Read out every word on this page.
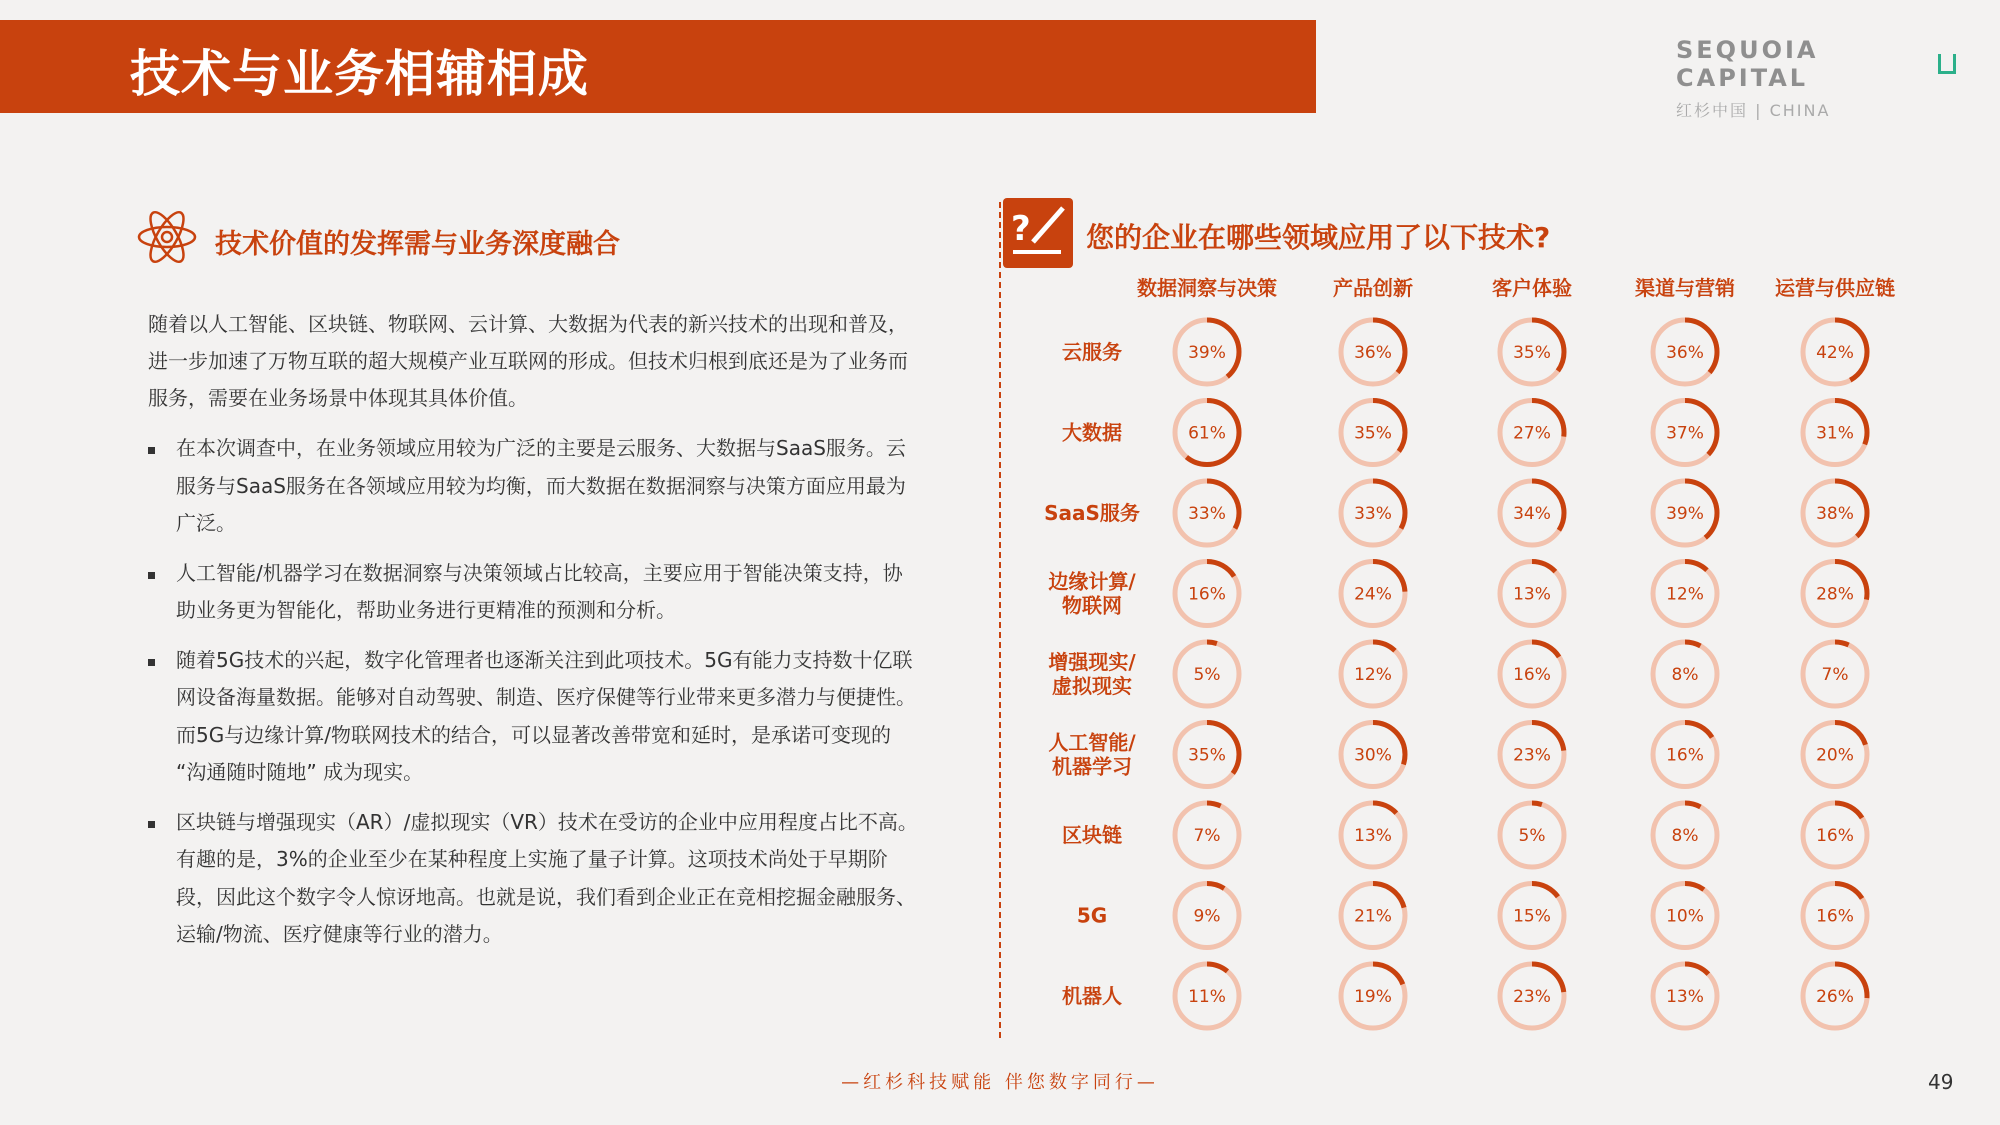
技术与业务相辅相成	SEQUOIA CAPITAL
红杉中国 | CHINA
技术价值的发挥需与业务深度融合
随着以人工智能、区块链、物联网、云计算、大数据为代表的新兴技术的出现和普及，进一步加速了万物互联的超大规模产业互联网的形成。但技术归根到底还是为了业务而服务，需要在业务场景中体现其具体价值。
在本次调查中，在业务领域应用较为广泛的主要是云服务、大数据与SaaS服务。云服务与SaaS服务在各领域应用较为均衡，而大数据在数据洞察与决策方面应用最为广泛。
人工智能/机器学习在数据洞察与决策领域占比较高，主要应用于智能决策支持，协助业务更为智能化，帮助业务进行更精准的预测和分析。
随着5G技术的兴起，数字化管理者也逐渐关注到此项技术。5G有能力支持数十亿联网设备海量数据。能够对自动驾驶、制造、医疗保健等行业带来更多潜力与便捷性。而5G与边缘计算/物联网技术的结合，可以显著改善带宽和延时，是承诺可变现的 “沟通随时随地” 成为现实。
区块链与增强现实（AR）/虚拟现实（VR）技术在受访的企业中应用程度占比不高。有趣的是，3%的企业至少在某种程度上实施了量子计算。这项技术尚处于早期阶段，因此这个数字令人惊讶地高。也就是说，我们看到企业正在竞相挖掘金融服务、运输/物流、医疗健康等行业的潜力。
? 您的企业在哪些领域应用了以下技术?
数据洞察与决策	产品创新	客户体验	渠道与营销 运营与供应链
云服务	39%	36%	35%	36%	42%
大数据	61%	35%	27%	37%	31%
SaaS服务	33%	33%	34%	39%	38%
边缘计算/
物联网	16%	24%	13%	12%	28%
增强现实/
虚拟现实	5%	12%	16%	8%	7%
人工智能/
机器学习	35%	30%	23%	16%	20%
区块链	7%	13%	5%	8%	16%
5G	9%	21%	15%	10%	16%
机器人	11%	19%	23%	13%	26%
—红杉科技赋能 伴您数字同行—	49
